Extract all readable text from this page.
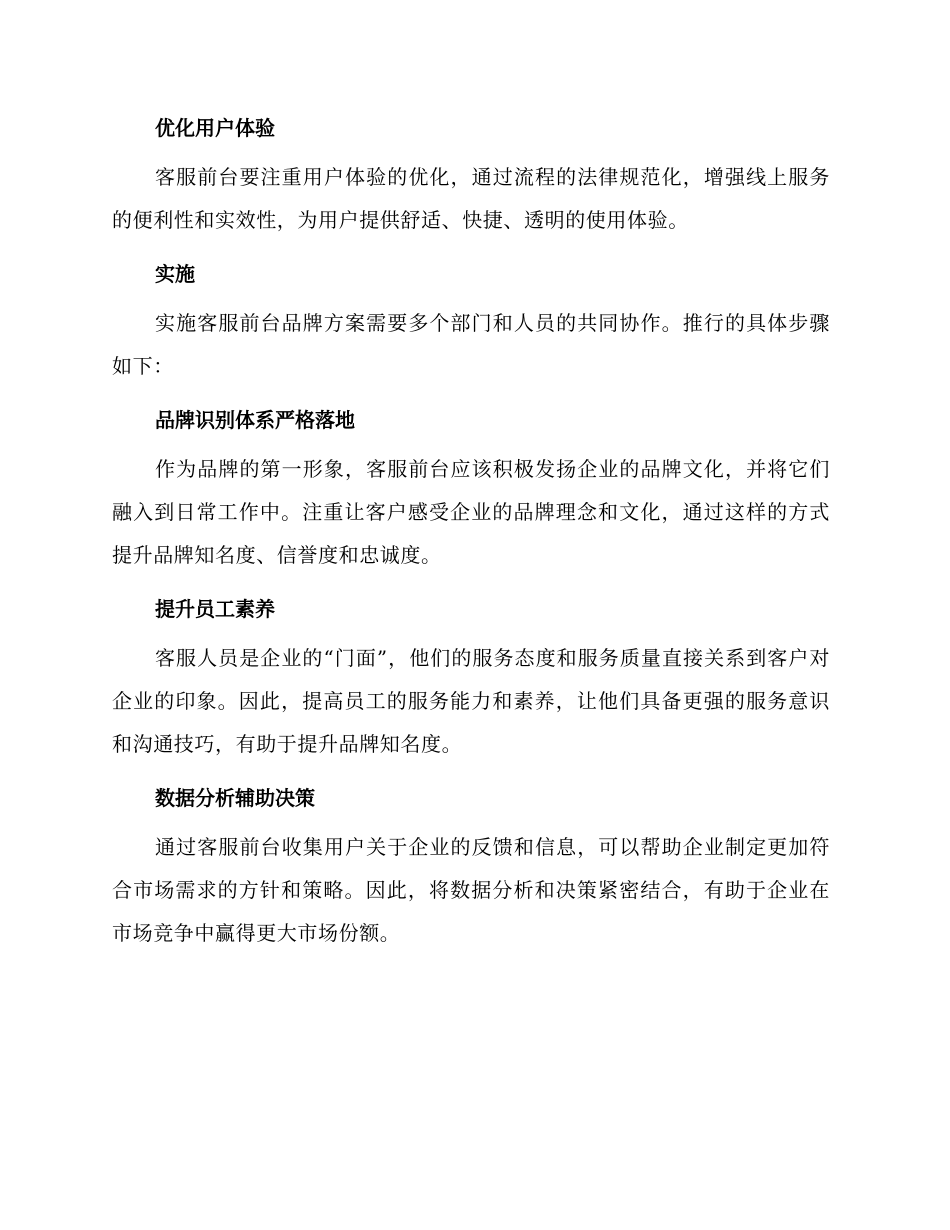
优化用户体验

客服前台要注重用户体验的优化，通过流程的法律规范化，增强线上服务的便利性和实效性，为用户提供舒适、快捷、透明的使用体验。

实施

实施客服前台品牌方案需要多个部门和人员的共同协作。推行的具体步骤如下：

品牌识别体系严格落地

作为品牌的第一形象，客服前台应该积极发扬企业的品牌文化，并将它们融入到日常工作中。注重让客户感受企业的品牌理念和文化，通过这样的方式提升品牌知名度、信誉度和忠诚度。

提升员工素养

客服人员是企业的“门面”，他们的服务态度和服务质量直接关系到客户对企业的印象。因此，提高员工的服务能力和素养，让他们具备更强的服务意识和沟通技巧，有助于提升品牌知名度。

数据分析辅助决策

通过客服前台收集用户关于企业的反馈和信息，可以帮助企业制定更加符合市场需求的方针和策略。因此，将数据分析和决策紧密结合，有助于企业在市场竞争中赢得更大市场份额。
